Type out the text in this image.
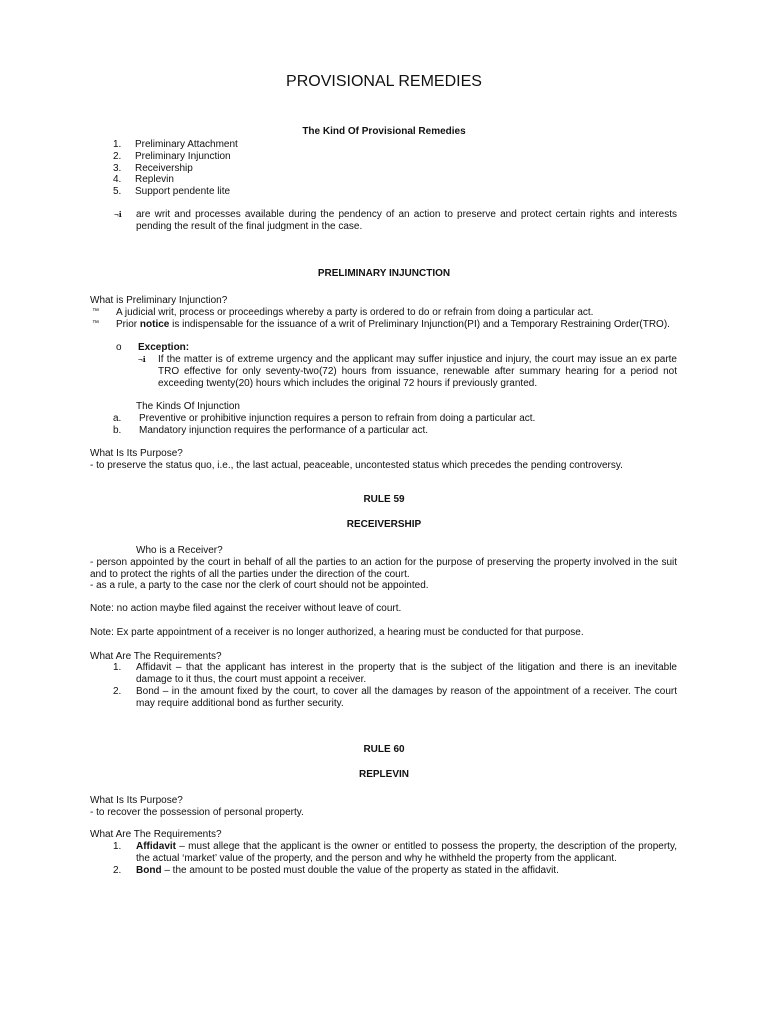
PROVISIONAL REMEDIES
The Kind Of Provisional Remedies
1. Preliminary Attachment
2. Preliminary Injunction
3. Receivership
4. Replevin
5. Support pendente lite
¬ℹ are writ and processes available during the pendency of an action to preserve and protect certain rights and interests pending the result of the final judgment in the case.
PRELIMINARY INJUNCTION
What is Preliminary Injunction?
™ A judicial writ, process or proceedings whereby a party is ordered to do or refrain from doing a particular act.
™ Prior notice is indispensable for the issuance of a writ of Preliminary Injunction(PI) and a Temporary Restraining Order(TRO).
o Exception:
¬ℹ If the matter is of extreme urgency and the applicant may suffer injustice and injury, the court may issue an ex parte TRO effective for only seventy-two(72) hours from issuance, renewable after summary hearing for a period not exceeding twenty(20) hours which includes the original 72 hours if previously granted.
The Kinds Of Injunction
a. Preventive or prohibitive injunction requires a person to refrain from doing a particular act.
b. Mandatory injunction requires the performance of a particular act.
What Is Its Purpose?
- to preserve the status quo, i.e., the last actual, peaceable, uncontested status which precedes the pending controversy.
RULE 59
RECEIVERSHIP
Who is a Receiver?
- person appointed by the court in behalf of all the parties to an action for the purpose of preserving the property involved in the suit and to protect the rights of all the parties under the direction of the court.
- as a rule, a party to the case nor the clerk of court should not be appointed.
Note: no action maybe filed against the receiver without leave of court.
Note: Ex parte appointment of a receiver is no longer authorized, a hearing must be conducted for that purpose.
What Are The Requirements?
1. Affidavit – that the applicant has interest in the property that is the subject of the litigation and there is an inevitable damage to it thus, the court must appoint a receiver.
2. Bond – in the amount fixed by the court, to cover all the damages by reason of the appointment of a receiver. The court may require additional bond as further security.
RULE 60
REPLEVIN
What Is Its Purpose?
- to recover the possession of personal property.
What Are The Requirements?
1. Affidavit – must allege that the applicant is the owner or entitled to possess the property, the description of the property, the actual ‘market’ value of the property, and the person and why he withheld the property from the applicant.
2. Bond – the amount to be posted must double the value of the property as stated in the affidavit.
